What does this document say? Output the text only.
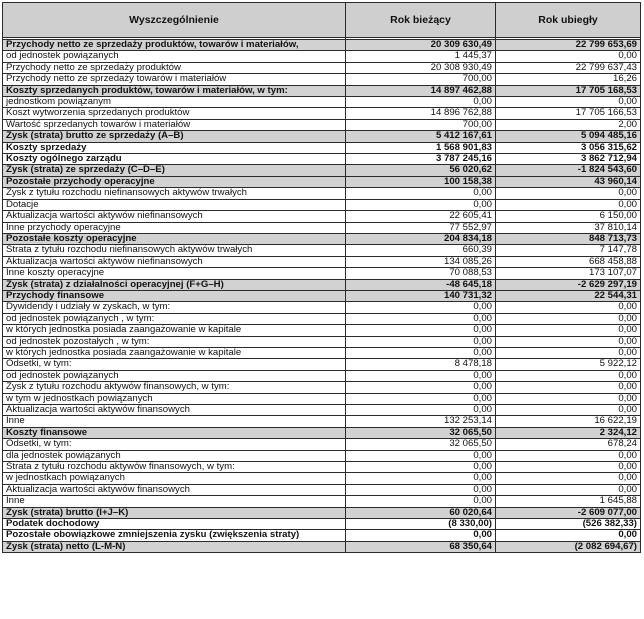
Wyszczególnienie	Rok bieżący	Rok ubiegły

Przychody netto ze sprzedaży produktów, towarów i materiałów,	20 309 630,49	22 799 653,69
od jednostek powiązanych	1 445,37	0,00
Przychody netto ze sprzedaży produktów	20 308 930,49	22 799 637,43
Przychody netto ze sprzedaży towarów i materiałów	700,00	16,26
Koszty sprzedanych produktów, towarów i materiałów, w tym:	14 897 462,88	17 705 168,53
jednostkom powiązanym	0,00	0,00
Koszt wytworzenia sprzedanych produktów	14 896 762,88	17 705 166,53
Wartość sprzedanych towarów i materiałów	700,00	2,00
Zysk (strata) brutto ze sprzedaży (A–B)	5 412 167,61	5 094 485,16
Koszty sprzedaży	1 568 901,83	3 056 315,62
Koszty ogólnego zarządu	3 787 245,16	3 862 712,94
Zysk (strata) ze sprzedaży (C–D–E)	56 020,62	-1 824 543,60
Pozostałe przychody operacyjne	100 158,38	43 960,14
Zysk z tytułu rozchodu niefinansowych aktywów trwałych	0,00	0,00
Dotacje	0,00	0,00
Aktualizacja wartości aktywów niefinansowych	22 605,41	6 150,00
Inne przychody operacyjne	77 552,97	37 810,14
Pozostałe koszty operacyjne	204 834,18	848 713,73
Strata z tytułu rozchodu niefinansowych aktywów trwałych	660,39	7 147,78
Aktualizacja wartości aktywów niefinansowych	134 085,26	668 458,88
Inne koszty operacyjne	70 088,53	173 107,07
Zysk (strata) z działalności operacyjnej (F+G–H)	-48 645,18	-2 629 297,19
Przychody finansowe	140 731,32	22 544,31
Dywidendy i udziały w zyskach, w tym:	0,00	0,00
od jednostek powiązanych , w tym:	0,00	0,00
w których jednostka posiada zaangażowanie w kapitale	0,00	0,00
od jednostek pozostałych , w tym:	0,00	0,00
w których jednostka posiada zaangażowanie w kapitale	0,00	0,00
Odsetki, w tym:	8 478,18	5 922,12
od jednostek powiązanych	0,00	0,00
Zysk z tytułu rozchodu aktywów finansowych, w tym:	0,00	0,00
w tym w jednostkach powiązanych	0,00	0,00
Aktualizacja wartości aktywów finansowych	0,00	0,00
Inne	132 253,14	16 622,19
Koszty finansowe	32 065,50	2 324,12
Odsetki, w tym:	32 065,50	678,24
dla jednostek powiązanych	0,00	0,00
Strata z tytułu rozchodu aktywów finansowych, w tym:	0,00	0,00
w jednostkach powiązanych	0,00	0,00
Aktualizacja wartości aktywów finansowych	0,00	0,00
Inne	0,00	1 645,88
Zysk (strata) brutto (I+J–K)	60 020,64	-2 609 077,00
Podatek dochodowy	(8 330,00)	(526 382,33)
Pozostałe obowiązkowe zmniejszenia zysku (zwiększenia straty)	0,00	0,00
Zysk (strata) netto (L-M-N)	68 350,64	(2 082 694,67)
